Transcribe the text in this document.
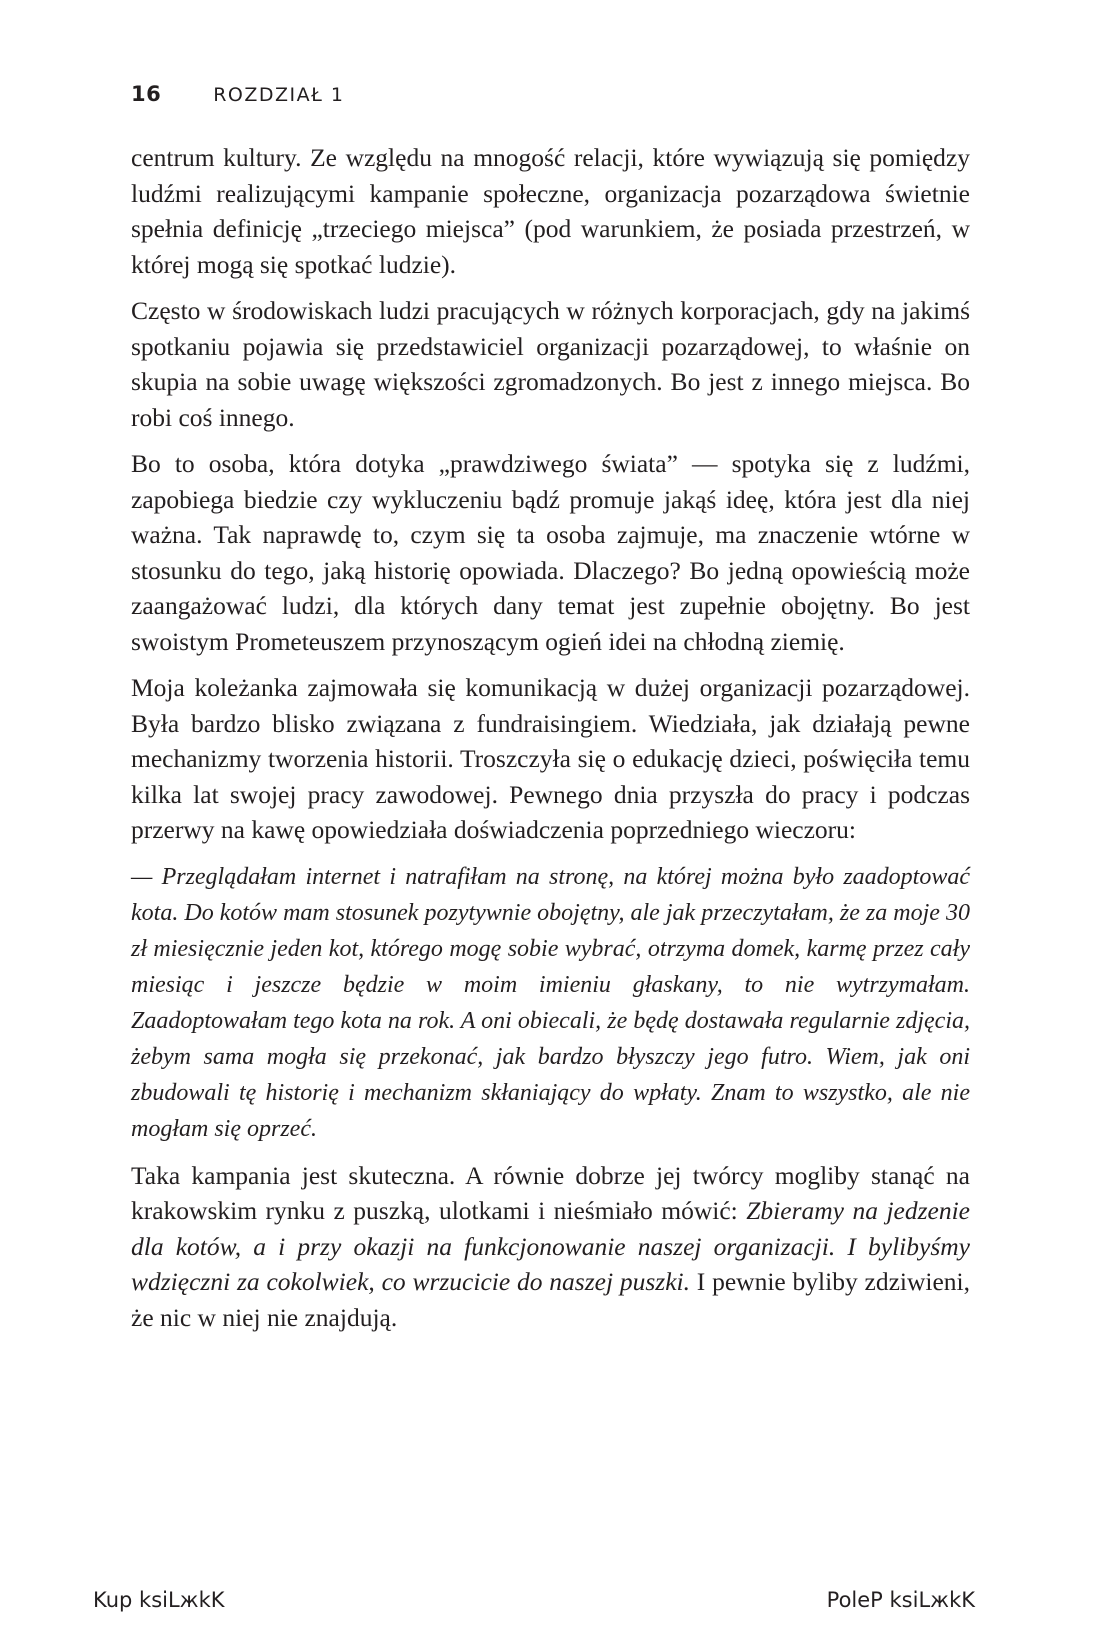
16	ROZDZIAŁ 1

centrum kultury. Ze względu na mnogość relacji, które wywiązują się pomiędzy ludźmi realizującymi kampanie społeczne, organizacja pozarządowa świetnie spełnia definicję „trzeciego miejsca” (pod warunkiem, że posiada przestrzeń, w której mogą się spotkać ludzie).

Często w środowiskach ludzi pracujących w różnych korporacjach, gdy na jakimś spotkaniu pojawia się przedstawiciel organizacji pozarządowej, to właśnie on skupia na sobie uwagę większości zgromadzonych. Bo jest z innego miejsca. Bo robi coś innego.

Bo to osoba, która dotyka „prawdziwego świata” — spotyka się z ludźmi, zapobiega biedzie czy wykluczeniu bądź promuje jakąś ideę, która jest dla niej ważna. Tak naprawdę to, czym się ta osoba zajmuje, ma znaczenie wtórne w stosunku do tego, jaką historię opowiada. Dlaczego? Bo jedną opowieścią może zaangażować ludzi, dla których dany temat jest zupełnie obojętny. Bo jest swoistym Prometeuszem przynoszącym ogień idei na chłodną ziemię.

Moja koleżanka zajmowała się komunikacją w dużej organizacji pozarządowej. Była bardzo blisko związana z fundraisingiem. Wiedziała, jak działają pewne mechanizmy tworzenia historii. Troszczyła się o edukację dzieci, poświęciła temu kilka lat swojej pracy zawodowej. Pewnego dnia przyszła do pracy i podczas przerwy na kawę opowiedziała doświadczenia poprzedniego wieczoru:

— Przeglądałam internet i natrafiłam na stronę, na której można było zaadoptować kota. Do kotów mam stosunek pozytywnie obojętny, ale jak przeczytałam, że za moje 30 zł miesięcznie jeden kot, którego mogę sobie wybrać, otrzyma domek, karmę przez cały miesiąc i jeszcze będzie w moim imieniu głaskany, to nie wytrzymałam. Zaadoptowałam tego kota na rok. A oni obiecali, że będę dostawała regularnie zdjęcia, żebym sama mogła się przekonać, jak bardzo błyszczy jego futro. Wiem, jak oni zbudowali tę historię i mechanizm skłaniający do wpłaty. Znam to wszystko, ale nie mogłam się oprzeć.

Taka kampania jest skuteczna. A równie dobrze jej twórcy mogliby stanąć na krakowskim rynku z puszką, ulotkami i nieśmiało mówić: Zbieramy na jedzenie dla kotów, a i przy okazji na funkcjonowanie naszej organizacji. I bylibyśmy wdzięczni za cokolwiek, co wrzucicie do naszej puszki. I pewnie byliby zdziwieni, że nic w niej nie znajdują.

Kup ksiLжkK	PoleP ksiLжkK
